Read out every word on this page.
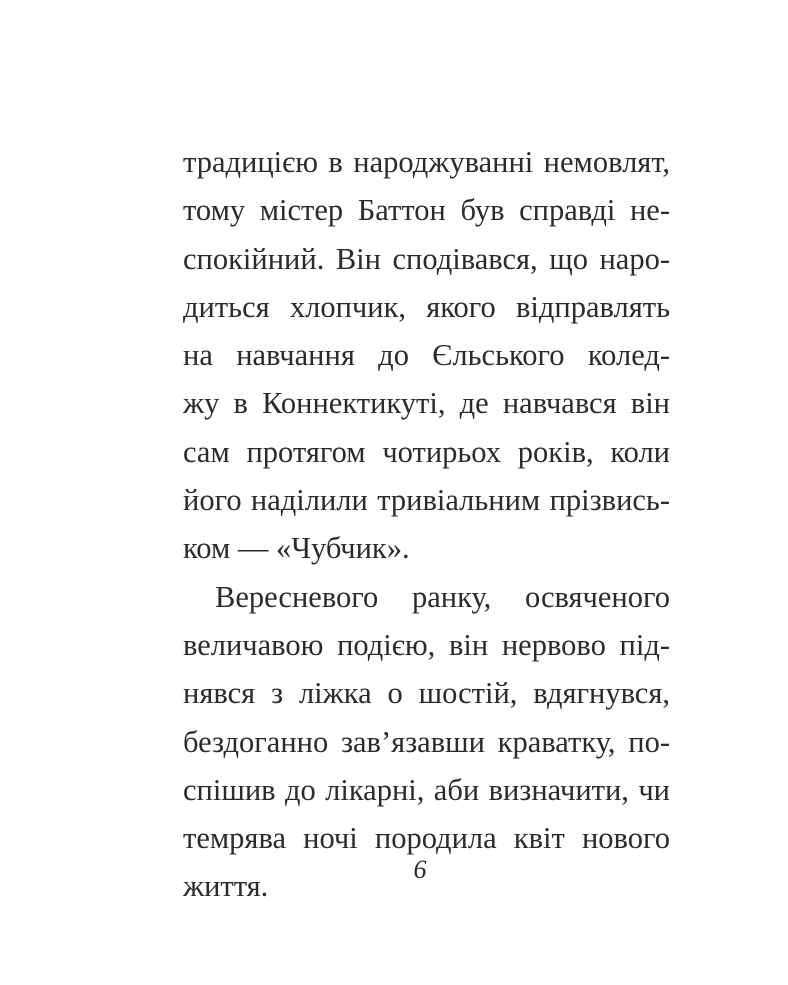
традицією в народжуванні немовлят,
тому містер Баттон був справді не-
спокійний. Він сподівався, що наро-
диться хлопчик, якого відправлять
на навчання до Єльського колед-
жу в Коннектикуті, де навчався він
сам протягом чотирьох років, коли
його наділили тривіальним прізвись-
ком — «Чубчик».
Вересневого ранку, освяченого
величавою подією, він нервово під-
нявся з ліжка о шостій, вдягнувся,
бездоганно зав’язавши краватку, по-
спішив до лікарні, аби визначити, чи
темрява ночі породила квіт нового
життя.	6
